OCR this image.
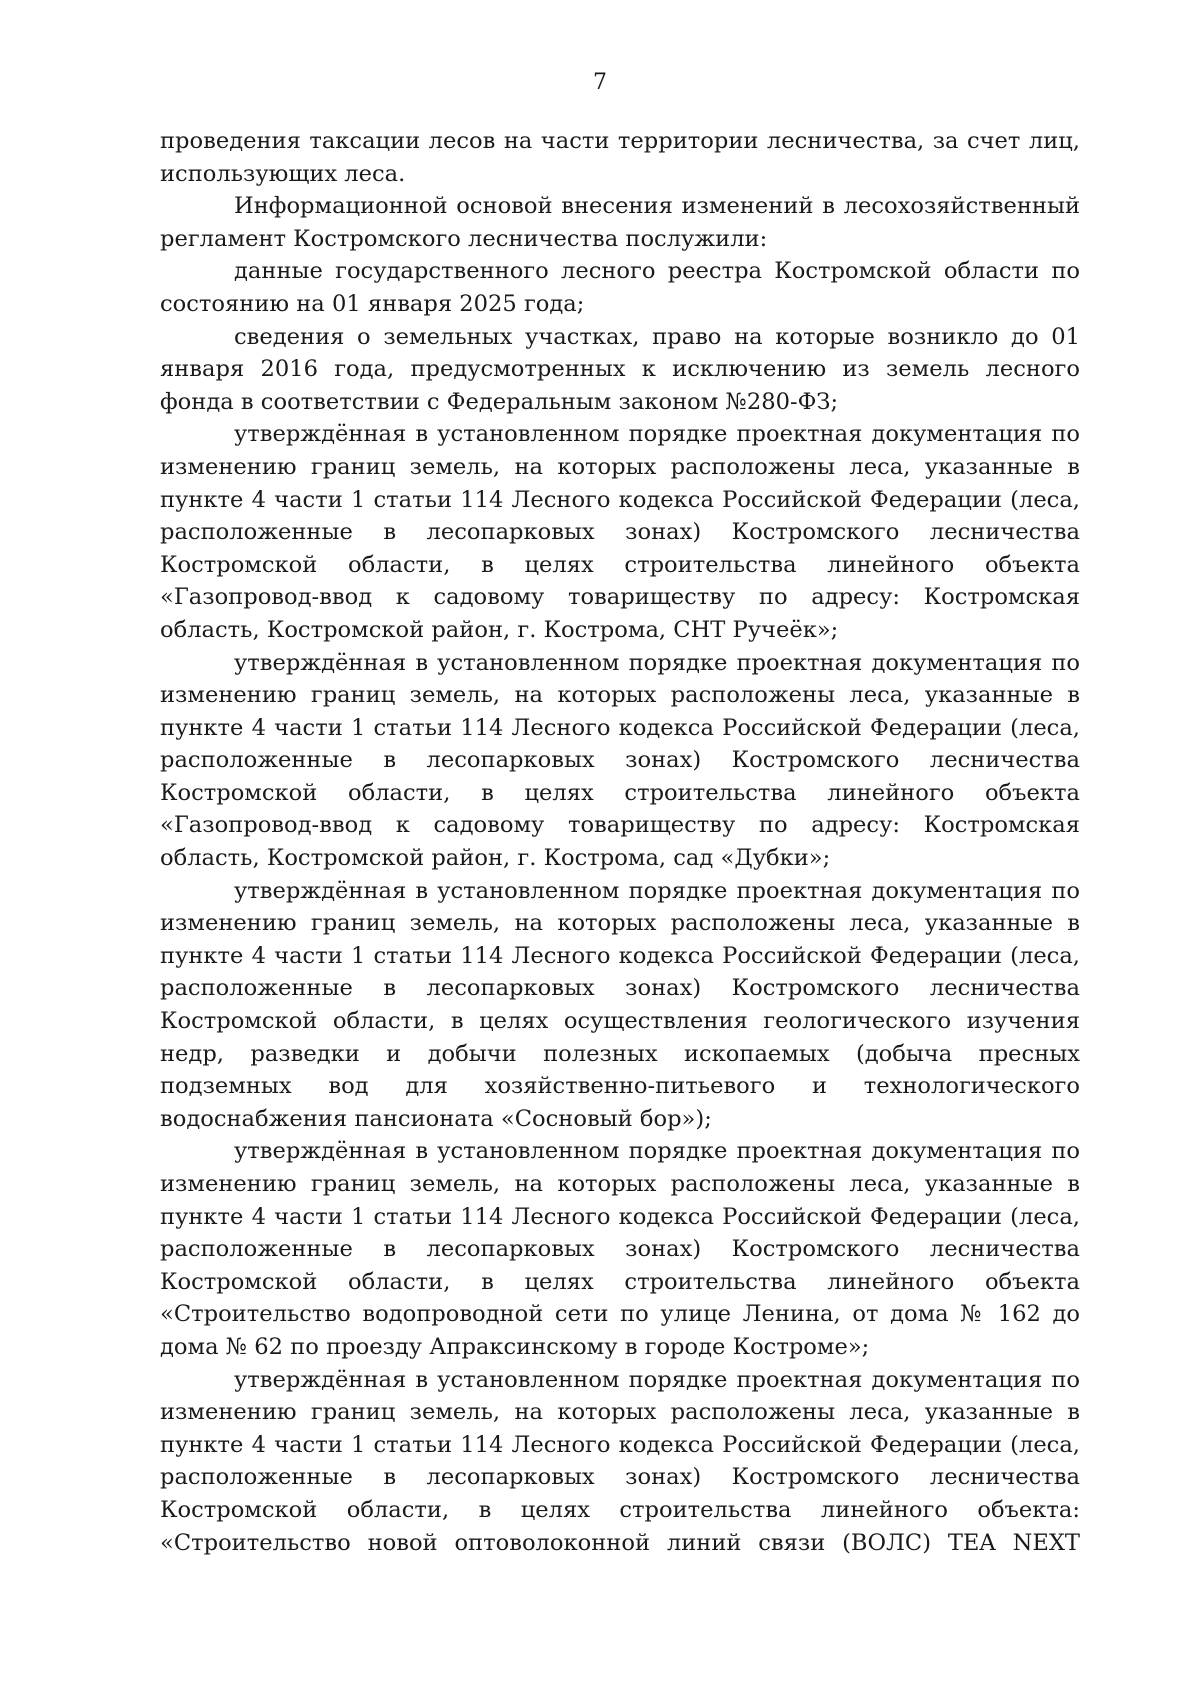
7

проведения таксации лесов на части территории лесничества, за счет лиц, использующих леса.

Информационной основой внесения изменений в лесохозяйственный регламент Костромского лесничества послужили:

данные государственного лесного реестра Костромской области по состоянию на 01 января 2025 года;

сведения о земельных участках, право на которые возникло до 01 января 2016 года, предусмотренных к исключению из земель лесного фонда в соответствии с Федеральным законом №280-ФЗ;

утверждённая в установленном порядке проектная документация по изменению границ земель, на которых расположены леса, указанные в пункте 4 части 1 статьи 114 Лесного кодекса Российской Федерации (леса, расположенные в лесопарковых зонах) Костромского лесничества Костромской области, в целях строительства линейного объекта «Газопровод-ввод к садовому товариществу по адресу: Костромская область, Костромской район, г. Кострома, СНТ Ручеёк»;

утверждённая в установленном порядке проектная документация по изменению границ земель, на которых расположены леса, указанные в пункте 4 части 1 статьи 114 Лесного кодекса Российской Федерации (леса, расположенные в лесопарковых зонах) Костромского лесничества Костромской области, в целях строительства линейного объекта «Газопровод-ввод к садовому товариществу по адресу: Костромская область, Костромской район, г. Кострома, сад «Дубки»;

утверждённая в установленном порядке проектная документация по изменению границ земель, на которых расположены леса, указанные в пункте 4 части 1 статьи 114 Лесного кодекса Российской Федерации (леса, расположенные в лесопарковых зонах) Костромского лесничества Костромской области, в целях осуществления геологического изучения недр, разведки и добычи полезных ископаемых (добыча пресных подземных вод для хозяйственно-питьевого и технологического водоснабжения пансионата «Сосновый бор»);

утверждённая в установленном порядке проектная документация по изменению границ земель, на которых расположены леса, указанные в пункте 4 части 1 статьи 114 Лесного кодекса Российской Федерации (леса, расположенные в лесопарковых зонах) Костромского лесничества Костромской области, в целях строительства линейного объекта «Строительство водопроводной сети по улице Ленина, от дома № 162 до дома № 62 по проезду Апраксинскому в городе Костроме»;

утверждённая в установленном порядке проектная документация по изменению границ земель, на которых расположены леса, указанные в пункте 4 части 1 статьи 114 Лесного кодекса Российской Федерации (леса, расположенные в лесопарковых зонах) Костромского лесничества Костромской области, в целях строительства линейного объекта: «Строительство новой оптоволоконной линий связи (ВОЛС) TEA NEXT
